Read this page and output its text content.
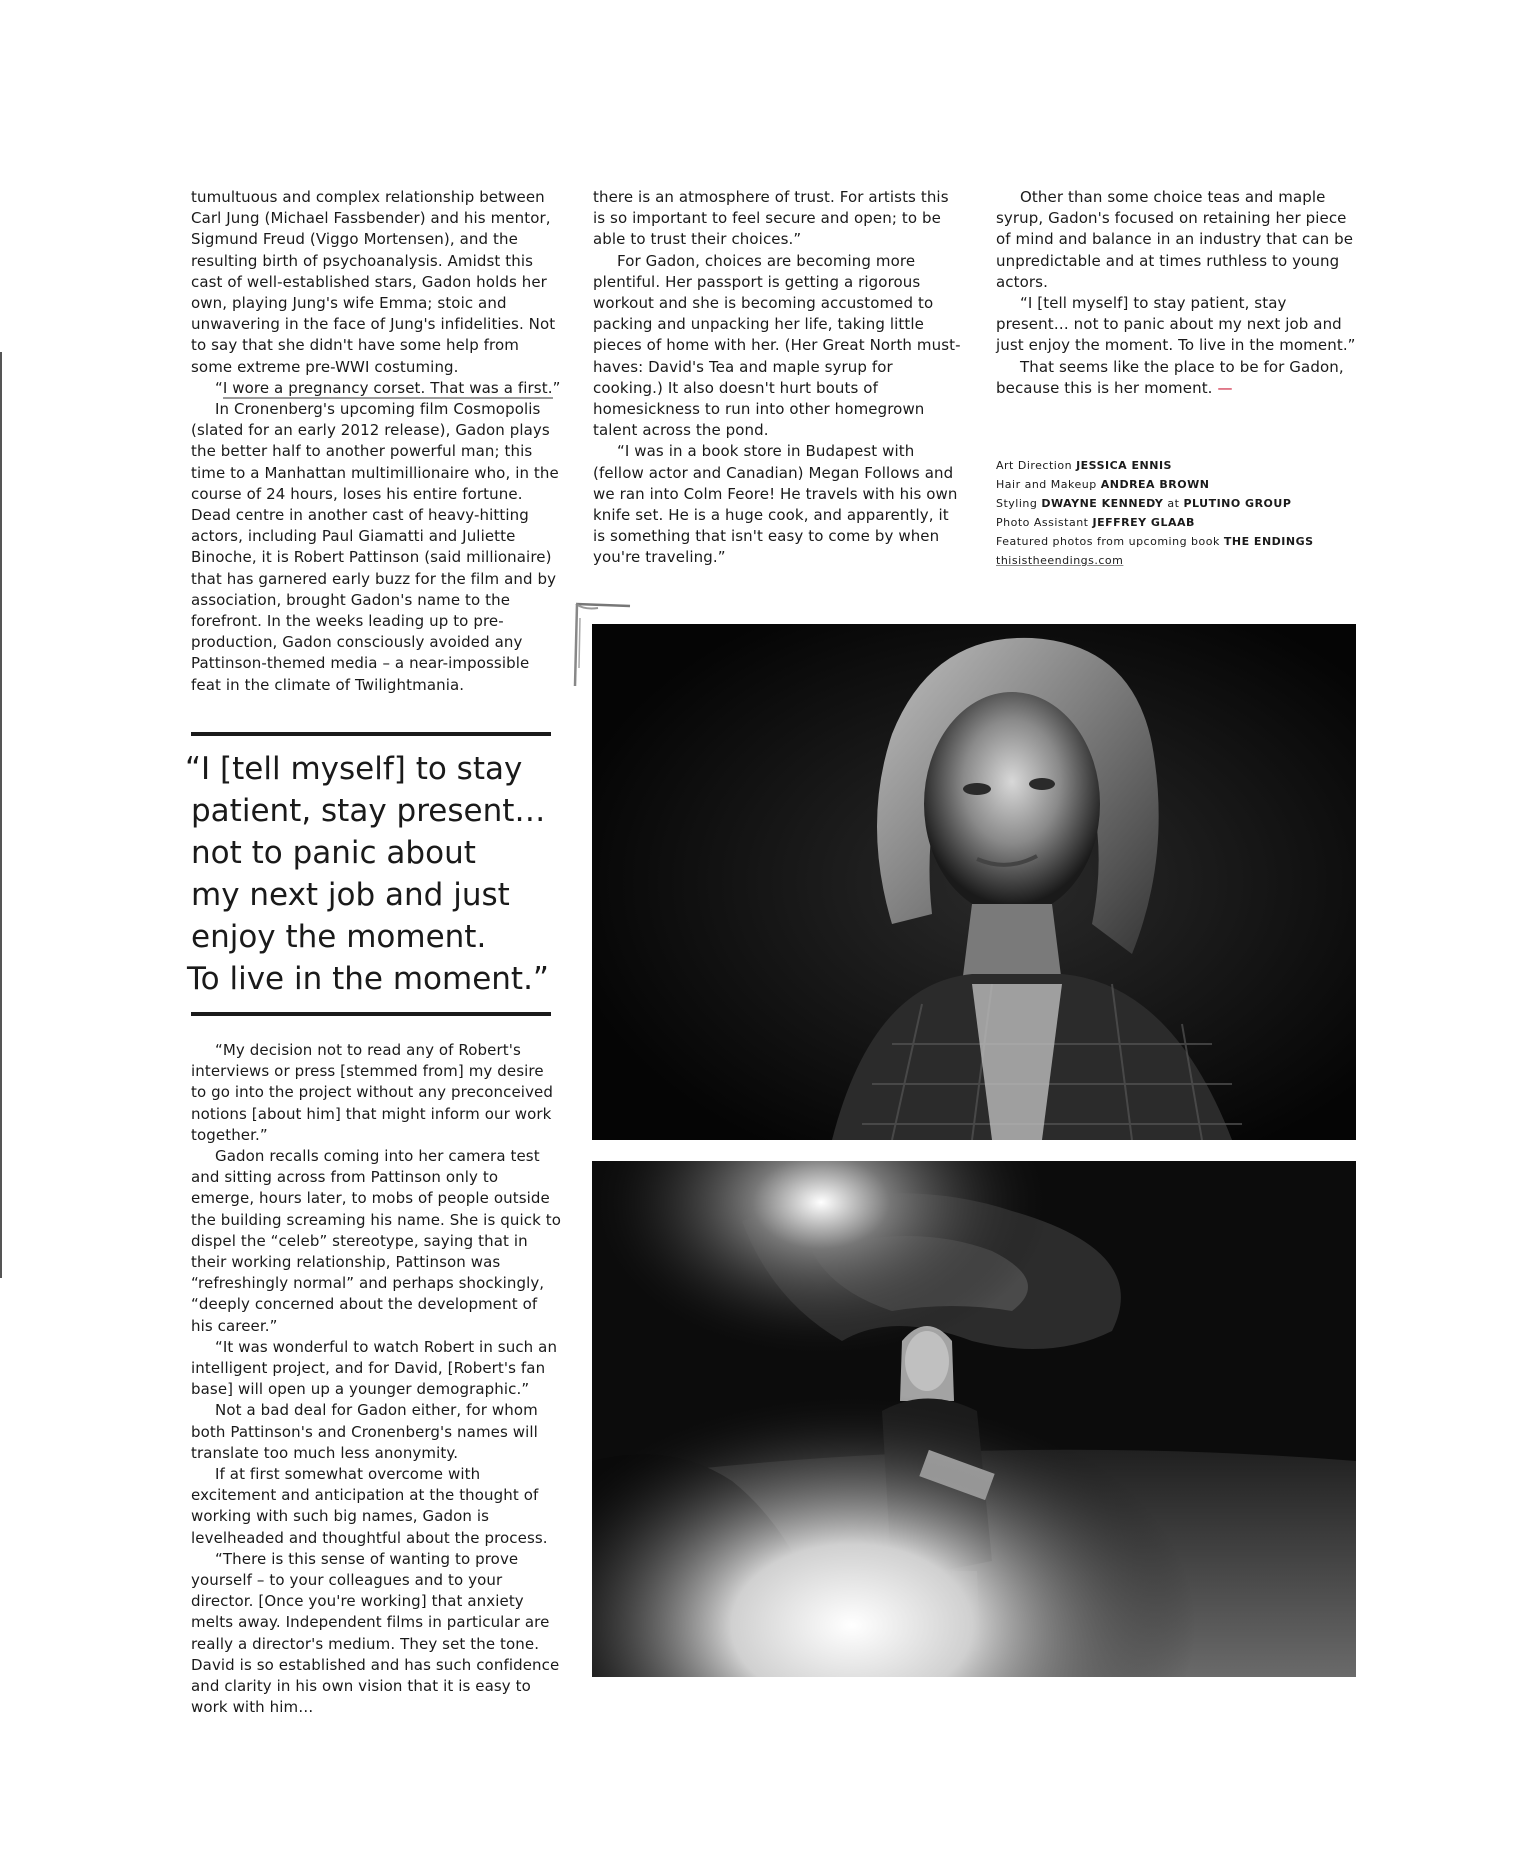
tumultuous and complex relationship between Carl Jung (Michael Fassbender) and his mentor, Sigmund Freud (Viggo Mortensen), and the resulting birth of psychoanalysis. Amidst this cast of well-established stars, Gadon holds her own, playing Jung's wife Emma; stoic and unwavering in the face of Jung's infidelities. Not to say that she didn't have some help from some extreme pre-WWI costuming.

“I wore a pregnancy corset. That was a first.”

In Cronenberg's upcoming film Cosmopolis (slated for an early 2012 release), Gadon plays the better half to another powerful man; this time to a Manhattan multimillionaire who, in the course of 24 hours, loses his entire fortune. Dead centre in another cast of heavy-hitting actors, including Paul Giamatti and Juliette Binoche, it is Robert Pattinson (said millionaire) that has garnered early buzz for the film and by association, brought Gadon's name to the forefront. In the weeks leading up to pre-production, Gadon consciously avoided any Pattinson-themed media – a near-impossible feat in the climate of Twilightmania.

“I [tell myself] to stay
patient, stay present…
not to panic about
my next job and just
enjoy the moment.
To live in the moment.”

“My decision not to read any of Robert's interviews or press [stemmed from] my desire to go into the project without any preconceived notions [about him] that might inform our work together.”

Gadon recalls coming into her camera test and sitting across from Pattinson only to emerge, hours later, to mobs of people outside the building screaming his name. She is quick to dispel the “celeb” stereotype, saying that in their working relationship, Pattinson was “refreshingly normal” and perhaps shockingly, “deeply concerned about the development of his career.”

“It was wonderful to watch Robert in such an intelligent project, and for David, [Robert's fan base] will open up a younger demographic.”

Not a bad deal for Gadon either, for whom both Pattinson's and Cronenberg's names will translate too much less anonymity.

If at first somewhat overcome with excitement and anticipation at the thought of working with such big names, Gadon is levelheaded and thoughtful about the process.

“There is this sense of wanting to prove yourself – to your colleagues and to your director. [Once you're working] that anxiety melts away. Independent films in particular are really a director's medium. They set the tone. David is so established and has such confidence and clarity in his own vision that it is easy to work with him…

there is an atmosphere of trust. For artists this is so important to feel secure and open; to be able to trust their choices.”

For Gadon, choices are becoming more plentiful. Her passport is getting a rigorous workout and she is becoming accustomed to packing and unpacking her life, taking little pieces of home with her. (Her Great North must-haves: David's Tea and maple syrup for cooking.) It also doesn't hurt bouts of homesickness to run into other homegrown talent across the pond.

“I was in a book store in Budapest with (fellow actor and Canadian) Megan Follows and we ran into Colm Feore! He travels with his own knife set. He is a huge cook, and apparently, it is something that isn't easy to come by when you're traveling.”

Other than some choice teas and maple syrup, Gadon's focused on retaining her piece of mind and balance in an industry that can be unpredictable and at times ruthless to young actors.

“I [tell myself] to stay patient, stay present… not to panic about my next job and just enjoy the moment. To live in the moment.”

That seems like the place to be for Gadon, because this is her moment. —

Art Direction JESSICA ENNIS
Hair and Makeup ANDREA BROWN
Styling DWAYNE KENNEDY at PLUTINO GROUP
Photo Assistant JEFFREY GLAAB
Featured photos from upcoming book THE ENDINGS
thisistheendings.com
